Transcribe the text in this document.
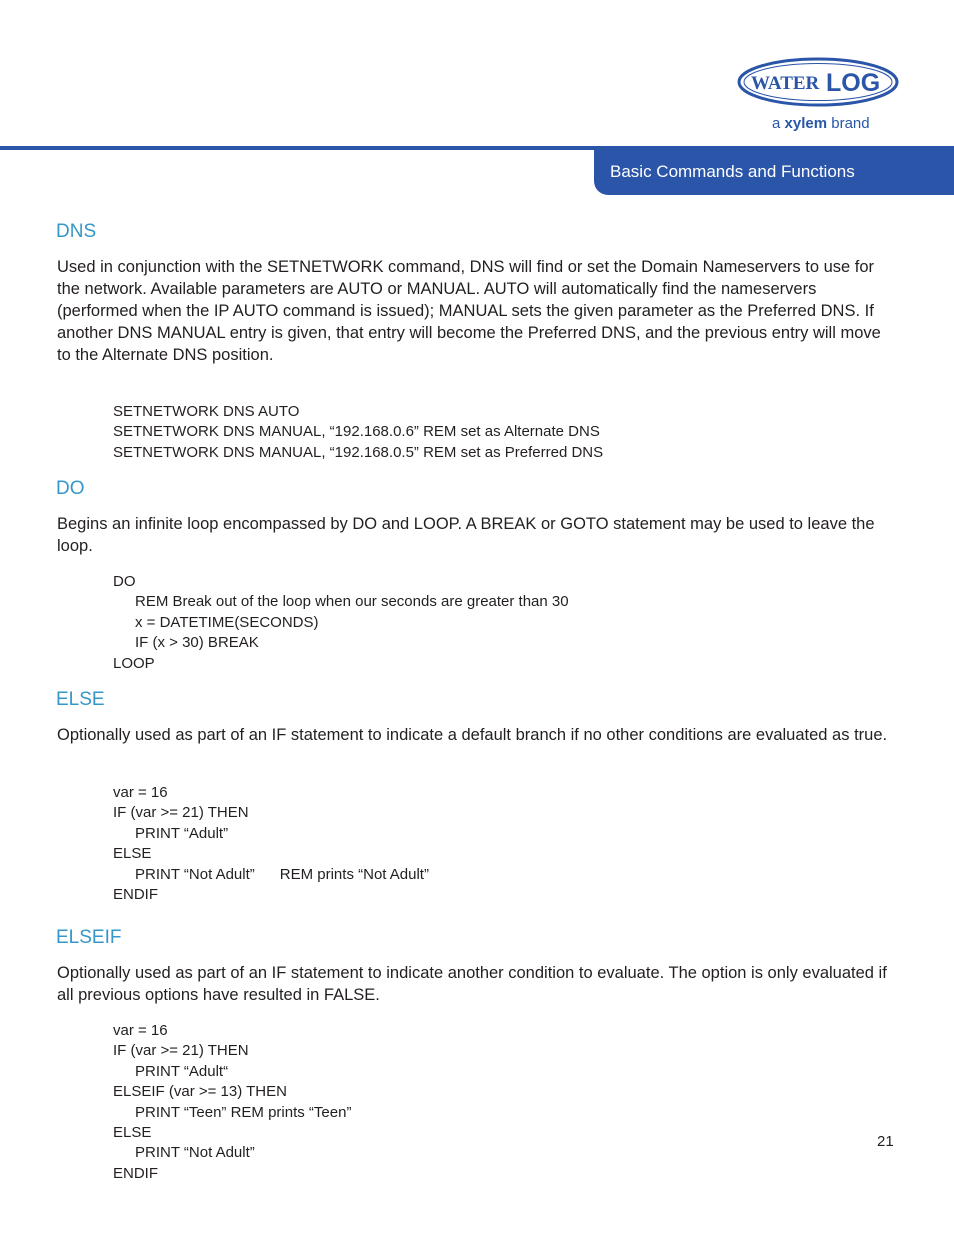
WATER LOG
a xylem brand
Basic Commands and Functions
DNS

Used in conjunction with the SETNETWORK command, DNS will find or set the Domain Nameservers to use for the network. Available parameters are AUTO or MANUAL. AUTO will automatically find the nameservers (performed when the IP AUTO command is issued); MANUAL sets the given parameter as the Preferred DNS. If another DNS MANUAL entry is given, that entry will become the Preferred DNS, and the previous entry will move to the Alternate DNS position.

SETNETWORK DNS AUTO
SETNETWORK DNS MANUAL, “192.168.0.6” REM set as Alternate DNS
SETNETWORK DNS MANUAL, “192.168.0.5” REM set as Preferred DNS
DO

Begins an infinite loop encompassed by DO and LOOP. A BREAK or GOTO statement may be used to leave the loop.

DO
REM Break out of the loop when our seconds are greater than 30
x = DATETIME(SECONDS)
IF (x > 30) BREAK
LOOP
ELSE

Optionally used as part of an IF statement to indicate a default branch if no other conditions are evaluated as true.

var = 16
IF (var >= 21) THEN
PRINT “Adult”
ELSE
PRINT “Not Adult”      REM prints “Not Adult”
ENDIF
ELSEIF

Optionally used as part of an IF statement to indicate another condition to evaluate. The option is only evaluated if all previous options have resulted in FALSE.

var = 16
IF (var >= 21) THEN
PRINT “Adult“
ELSEIF (var >= 13) THEN
PRINT “Teen” REM prints “Teen”
ELSE
PRINT “Not Adult”
ENDIF
21
